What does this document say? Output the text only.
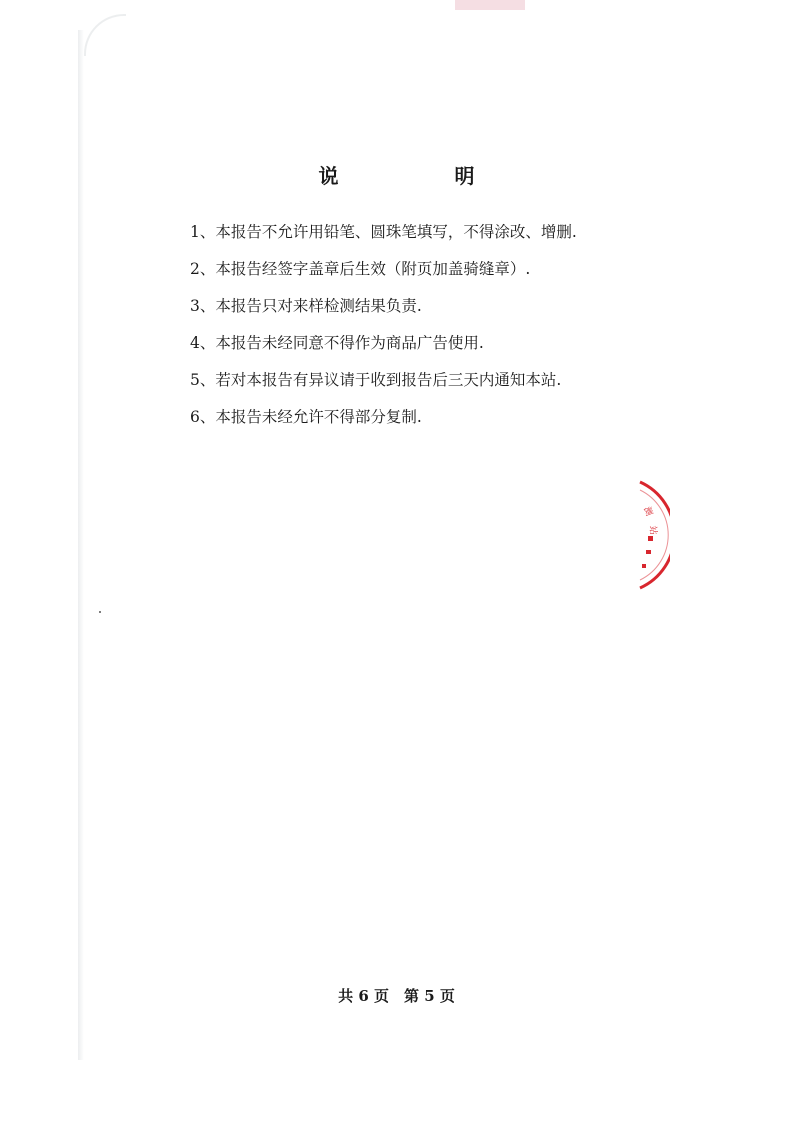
说　明
1、本报告不允许用铅笔、圆珠笔填写，不得涂改、增删.
2、本报告经签字盖章后生效（附页加盖骑缝章）.
3、本报告只对来样检测结果负责.
4、本报告未经同意不得作为商品广告使用.
5、若对本报告有异议请于收到报告后三天内通知本站.
6、本报告未经允许不得部分复制.
测
站
共 6 页　第 5 页
